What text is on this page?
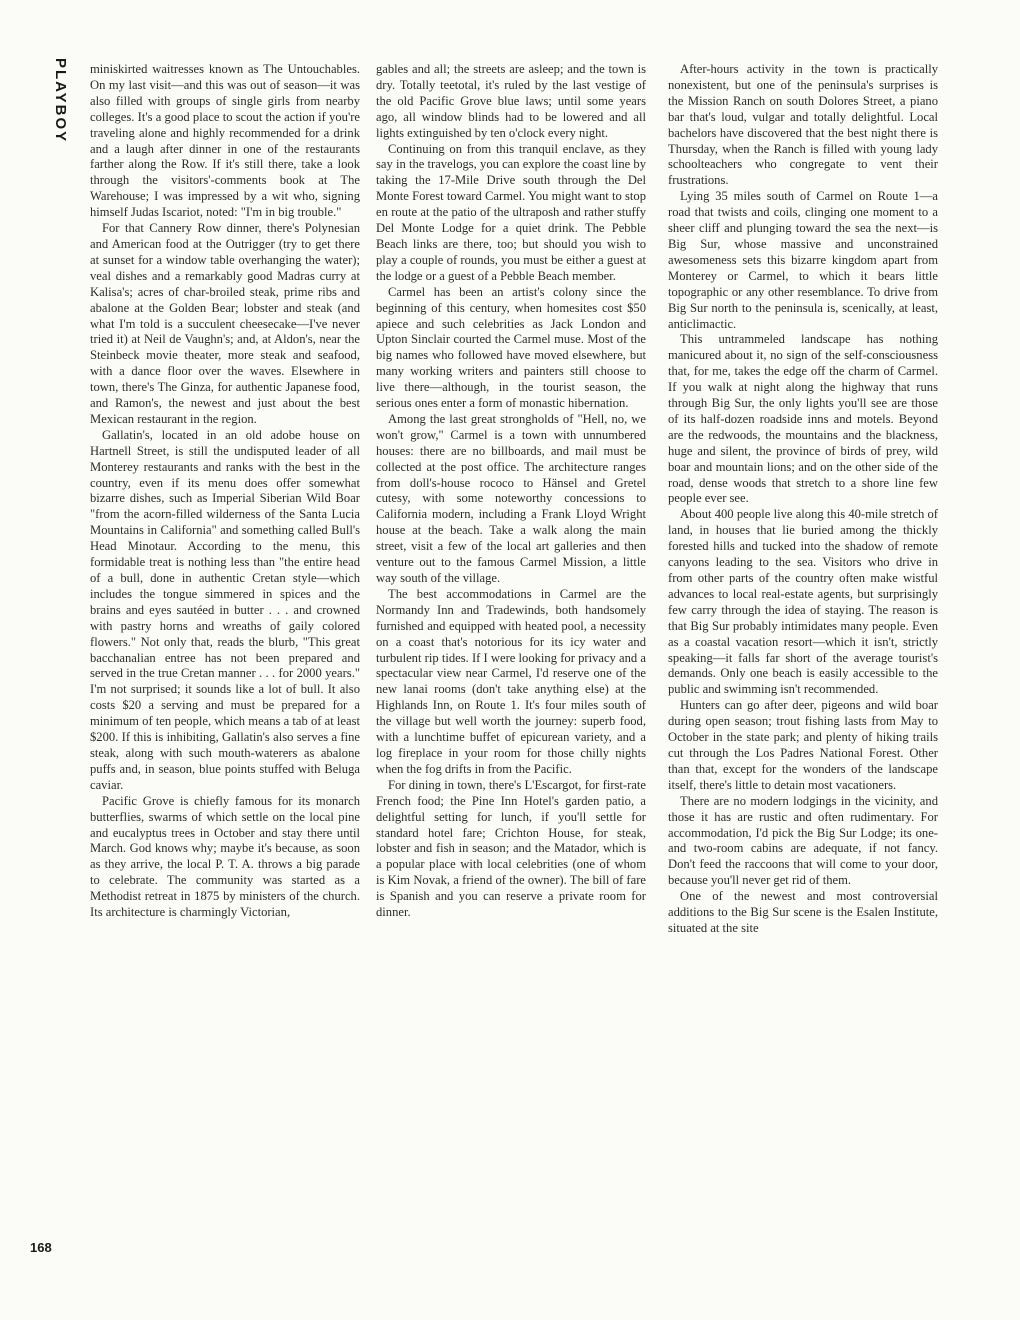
PLAYBOY miniskirted waitresses known as The Untouchables. On my last visit—and this was out of season—it was also filled with groups of single girls from nearby colleges. It's a good place to scout the action if you're traveling alone and highly recommended for a drink and a laugh after dinner in one of the restaurants farther along the Row. If it's still there, take a look through the visitors'-comments book at The Warehouse; I was impressed by a wit who, signing himself Judas Iscariot, noted: "I'm in big trouble."

For that Cannery Row dinner, there's Polynesian and American food at the Outrigger (try to get there at sunset for a window table overhanging the water); veal dishes and a remarkably good Madras curry at Kalisa's; acres of char-broiled steak, prime ribs and abalone at the Golden Bear; lobster and steak (and what I'm told is a succulent cheesecake—I've never tried it) at Neil de Vaughn's; and, at Aldon's, near the Steinbeck movie theater, more steak and seafood, with a dance floor over the waves. Elsewhere in town, there's The Ginza, for authentic Japanese food, and Ramon's, the newest and just about the best Mexican restaurant in the region.

Gallatin's, located in an old adobe house on Hartnell Street, is still the undisputed leader of all Monterey restaurants and ranks with the best in the country, even if its menu does offer somewhat bizarre dishes, such as Imperial Siberian Wild Boar "from the acorn-filled wilderness of the Santa Lucia Mountains in California" and something called Bull's Head Minotaur. According to the menu, this formidable treat is nothing less than "the entire head of a bull, done in authentic Cretan style—which includes the tongue simmered in spices and the brains and eyes sautéed in butter . . . and crowned with pastry horns and wreaths of gaily colored flowers." Not only that, reads the blurb, "This great bacchanalian entree has not been prepared and served in the true Cretan manner . . . for 2000 years." I'm not surprised; it sounds like a lot of bull. It also costs $20 a serving and must be prepared for a minimum of ten people, which means a tab of at least $200. If this is inhibiting, Gallatin's also serves a fine steak, along with such mouth-waterers as abalone puffs and, in season, blue points stuffed with Beluga caviar.

Pacific Grove is chiefly famous for its monarch butterflies, swarms of which settle on the local pine and eucalyptus trees in October and stay there until March. God knows why; maybe it's because, as soon as they arrive, the local P. T. A. throws a big parade to celebrate. The community was started as a Methodist retreat in 1875 by ministers of the church. Its architecture is charmingly Victorian,

gables and all; the streets are asleep; and the town is dry. Totally teetotal, it's ruled by the last vestige of the old Pacific Grove blue laws; until some years ago, all window blinds had to be lowered and all lights extinguished by ten o'clock every night.

Continuing on from this tranquil enclave, as they say in the travelogs, you can explore the coast line by taking the 17-Mile Drive south through the Del Monte Forest toward Carmel. You might want to stop en route at the patio of the ultraposh and rather stuffy Del Monte Lodge for a quiet drink. The Pebble Beach links are there, too; but should you wish to play a couple of rounds, you must be either a guest at the lodge or a guest of a Pebble Beach member.

Carmel has been an artist's colony since the beginning of this century, when homesites cost $50 apiece and such celebrities as Jack London and Upton Sinclair courted the Carmel muse. Most of the big names who followed have moved elsewhere, but many working writers and painters still choose to live there—although, in the tourist season, the serious ones enter a form of monastic hibernation.

Among the last great strongholds of "Hell, no, we won't grow," Carmel is a town with unnumbered houses: there are no billboards, and mail must be collected at the post office. The architecture ranges from doll's-house rococo to Hänsel and Gretel cutesy, with some noteworthy concessions to California modern, including a Frank Lloyd Wright house at the beach. Take a walk along the main street, visit a few of the local art galleries and then venture out to the famous Carmel Mission, a little way south of the village.

The best accommodations in Carmel are the Normandy Inn and Tradewinds, both handsomely furnished and equipped with heated pool, a necessity on a coast that's notorious for its icy water and turbulent rip tides. If I were looking for privacy and a spectacular view near Carmel, I'd reserve one of the new lanai rooms (don't take anything else) at the Highlands Inn, on Route 1. It's four miles south of the village but well worth the journey: superb food, with a lunchtime buffet of epicurean variety, and a log fireplace in your room for those chilly nights when the fog drifts in from the Pacific.

For dining in town, there's L'Escargot, for first-rate French food; the Pine Inn Hotel's garden patio, a delightful setting for lunch, if you'll settle for standard hotel fare; Crichton House, for steak, lobster and fish in season; and the Matador, which is a popular place with local celebrities (one of whom is Kim Novak, a friend of the owner). The bill of fare is Spanish and you can reserve a private room for dinner.

After-hours activity in the town is practically nonexistent, but one of the peninsula's surprises is the Mission Ranch on south Dolores Street, a piano bar that's loud, vulgar and totally delightful. Local bachelors have discovered that the best night there is Thursday, when the Ranch is filled with young lady schoolteachers who congregate to vent their frustrations.

Lying 35 miles south of Carmel on Route 1—a road that twists and coils, clinging one moment to a sheer cliff and plunging toward the sea the next—is Big Sur, whose massive and unconstrained awesomeness sets this bizarre kingdom apart from Monterey or Carmel, to which it bears little topographic or any other resemblance. To drive from Big Sur north to the peninsula is, scenically, at least, anticlimactic.

This untrammeled landscape has nothing manicured about it, no sign of the self-consciousness that, for me, takes the edge off the charm of Carmel. If you walk at night along the highway that runs through Big Sur, the only lights you'll see are those of its half-dozen roadside inns and motels. Beyond are the redwoods, the mountains and the blackness, huge and silent, the province of birds of prey, wild boar and mountain lions; and on the other side of the road, dense woods that stretch to a shore line few people ever see.

About 400 people live along this 40-mile stretch of land, in houses that lie buried among the thickly forested hills and tucked into the shadow of remote canyons leading to the sea. Visitors who drive in from other parts of the country often make wistful advances to local real-estate agents, but surprisingly few carry through the idea of staying. The reason is that Big Sur probably intimidates many people. Even as a coastal vacation resort—which it isn't, strictly speaking—it falls far short of the average tourist's demands. Only one beach is easily accessible to the public and swimming isn't recommended.

Hunters can go after deer, pigeons and wild boar during open season; trout fishing lasts from May to October in the state park; and plenty of hiking trails cut through the Los Padres National Forest. Other than that, except for the wonders of the landscape itself, there's little to detain most vacationers.

There are no modern lodgings in the vicinity, and those it has are rustic and often rudimentary. For accommodation, I'd pick the Big Sur Lodge; its one- and two-room cabins are adequate, if not fancy. Don't feed the raccoons that will come to your door, because you'll never get rid of them.

One of the newest and most controversial additions to the Big Sur scene is the Esalen Institute, situated at the site

168
